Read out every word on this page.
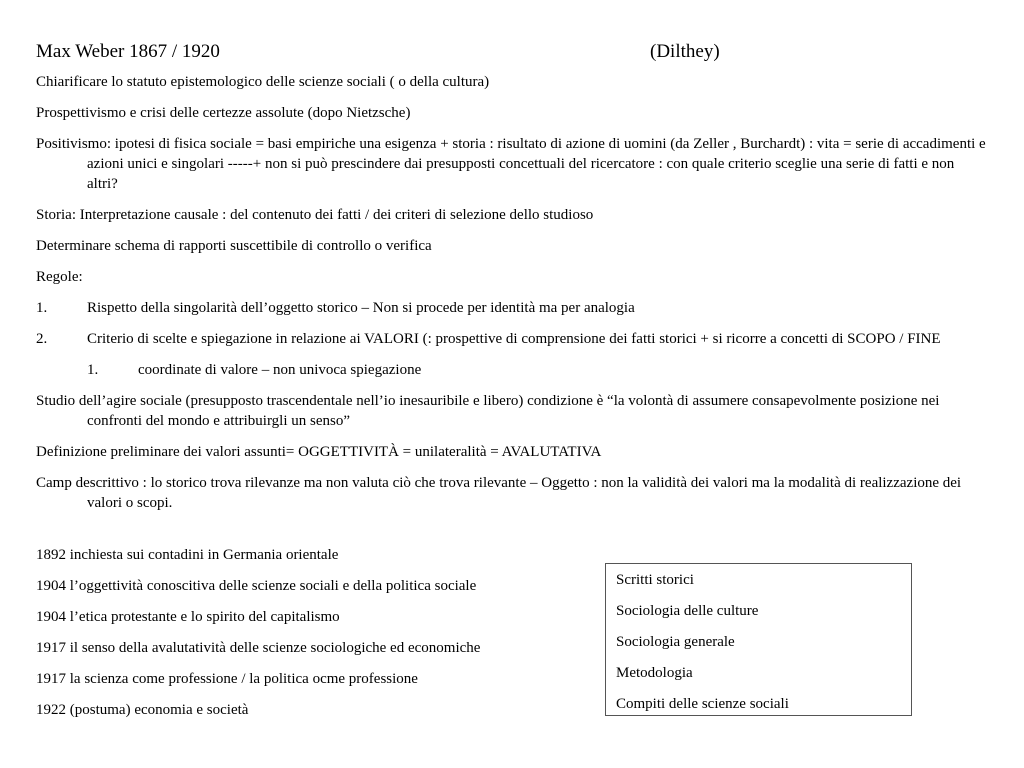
Max Weber 1867 / 1920	(Dilthey)
Chiarificare lo statuto epistemologico delle scienze sociali ( o della cultura)
Prospettivismo e crisi delle certezze assolute (dopo Nietzsche)
Positivismo: ipotesi di fisica sociale = basi empiriche una esigenza + storia : risultato di azione di uomini (da Zeller , Burchardt) : vita = serie di accadimenti e azioni unici e singolari -----+ non si può prescindere dai presupposti concettuali del ricercatore : con quale criterio sceglie una serie di fatti e non altri?
Storia: Interpretazione causale : del contenuto dei fatti / dei criteri di selezione dello studioso
Determinare schema di rapporti suscettibile di controllo o verifica
Regole:
1.	Rispetto della singolarità dell’oggetto storico – Non si procede per identità ma per analogia
2.	Criterio di scelte e spiegazione in relazione ai VALORI (: prospettive di comprensione dei fatti storici + si ricorre a concetti di SCOPO / FINE
1.	coordinate di valore – non univoca spiegazione
Studio dell’agire sociale (presupposto trascendentale nell’io inesauribile e libero) condizione è “la volontà di assumere consapevolmente posizione nei confronti del mondo e attribuirgli un senso”
Definizione preliminare dei valori assunti= OGGETTIVITÀ = unilateralità = AVALUTATIVA
Camp descrittivo : lo storico trova rilevanze ma non valuta ciò che trova rilevante – Oggetto : non la validità dei valori ma la modalità di realizzazione dei valori o scopi.
1892 inchiesta sui contadini in Germania orientale
1904 l’oggettività conoscitiva delle scienze sociali e della politica sociale
1904 l’etica protestante e lo spirito del capitalismo
1917 il senso della avalutatività delle scienze sociologiche ed economiche
1917 la scienza come professione / la politica ocme professione
1922 (postuma) economia e società
Scritti storici
Sociologia delle culture
Sociologia generale
Metodologia
Compiti delle scienze sociali
